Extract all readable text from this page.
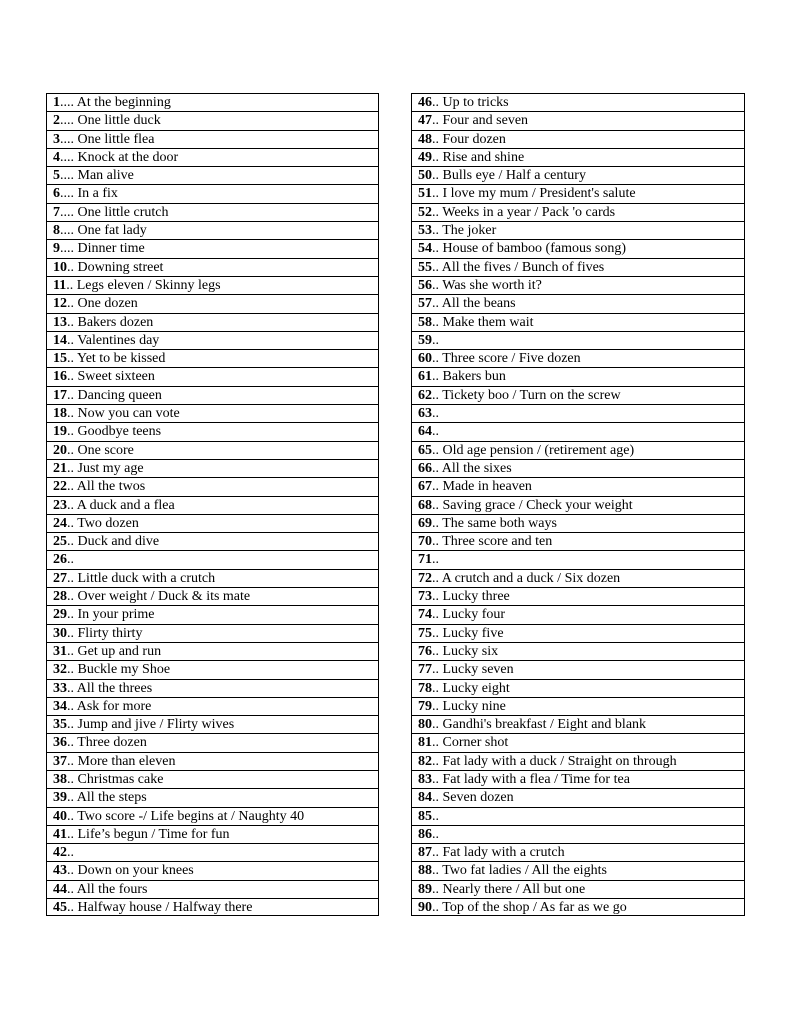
1.... At the beginning
2.... One little duck
3.... One little flea
4.... Knock at the door
5.... Man alive
6.... In a fix
7.... One little crutch
8.... One fat lady
9.... Dinner time
10.. Downing street
11.. Legs eleven / Skinny legs
12.. One dozen
13.. Bakers dozen
14.. Valentines day
15.. Yet to be kissed
16.. Sweet sixteen
17.. Dancing queen
18.. Now you can vote
19.. Goodbye teens
20.. One score
21.. Just my age
22.. All the twos
23.. A duck and a flea
24.. Two dozen
25.. Duck and dive
26..
27.. Little duck with a crutch
28.. Over weight / Duck & its mate
29.. In your prime
30.. Flirty thirty
31.. Get up and run
32.. Buckle my Shoe
33.. All the threes
34.. Ask for more
35.. Jump and jive / Flirty wives
36.. Three dozen
37.. More than eleven
38.. Christmas cake
39.. All the steps
40.. Two score -/ Life begins at / Naughty 40
41.. Life’s begun / Time for fun
42..
43.. Down on your knees
44.. All the fours
45.. Halfway house / Halfway there
46.. Up to tricks
47.. Four and seven
48.. Four dozen
49.. Rise and shine
50.. Bulls eye / Half a century
51.. I love my mum / President's salute
52.. Weeks in a year / Pack 'o cards
53.. The joker
54.. House of bamboo (famous song)
55.. All the fives / Bunch of fives
56.. Was she worth it?
57.. All the beans
58.. Make them wait
59..
60.. Three score / Five dozen
61.. Bakers bun
62.. Tickety boo / Turn on the screw
63..
64..
65.. Old age pension / (retirement age)
66.. All the sixes
67.. Made in heaven
68.. Saving grace / Check your weight
69.. The same both ways
70.. Three score and ten
71..
72.. A crutch and a duck / Six dozen
73.. Lucky three
74.. Lucky four
75.. Lucky five
76.. Lucky six
77.. Lucky seven
78.. Lucky eight
79.. Lucky nine
80.. Gandhi's breakfast / Eight and blank
81.. Corner shot
82.. Fat lady with a duck / Straight on through
83.. Fat lady with a flea / Time for tea
84.. Seven dozen
85..
86..
87.. Fat lady with a crutch
88.. Two fat ladies / All the eights
89.. Nearly there / All but one
90.. Top of the shop / As far as we go
